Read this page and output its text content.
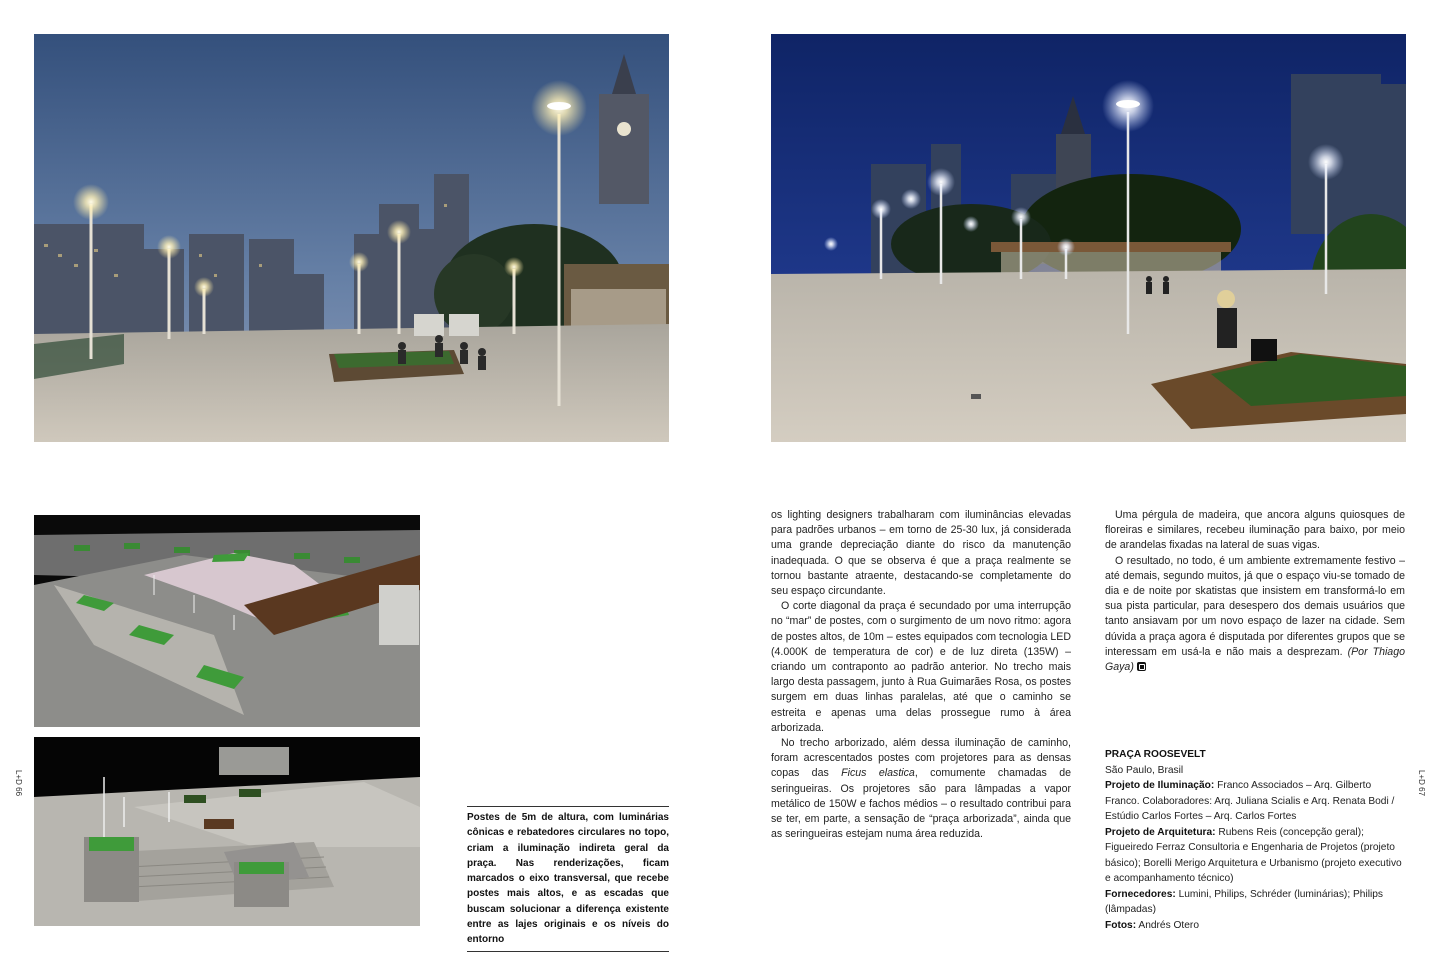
Postes de 5m de altura, com luminárias cônicas e rebatedores circulares no topo, criam a iluminação indireta geral da praça. Nas renderizações, ficam marcados o eixo transversal, que recebe postes mais altos, e as escadas que buscam solucionar a diferença existente entre as lajes originais e os níveis do entorno
L+D 66
L+D 67

os lighting designers trabalharam com iluminâncias elevadas para padrões urbanos – em torno de 25-30 lux, já considerada uma grande depreciação diante do risco da manutenção inadequada. O que se observa é que a praça realmente se tornou bastante atraente, destacando-se completamente do seu espaço circundante.

O corte diagonal da praça é secundado por uma interrupção no “mar” de postes, com o surgimento de um novo ritmo: agora de postes altos, de 10m – estes equipados com tecnologia LED (4.000K de temperatura de cor) e de luz direta (135W) – criando um contraponto ao padrão anterior. No trecho mais largo desta passagem, junto à Rua Guimarães Rosa, os postes surgem em duas linhas paralelas, até que o caminho se estreita e apenas uma delas prossegue rumo à área arborizada.

No trecho arborizado, além dessa iluminação de caminho, foram acrescentados postes com projetores para as densas copas das Ficus elastica, comumente chamadas de seringueiras. Os projetores são para lâmpadas a vapor metálico de 150W e fachos médios – o resultado contribui para se ter, em parte, a sensação de “praça arborizada”, ainda que as seringueiras estejam numa área reduzida.

Uma pérgula de madeira, que ancora alguns quiosques de floreiras e similares, recebeu iluminação para baixo, por meio de arandelas fixadas na lateral de suas vigas.

O resultado, no todo, é um ambiente extremamente festivo – até demais, segundo muitos, já que o espaço viu-se tomado de dia e de noite por skatistas que insistem em transformá-lo em sua pista particular, para desespero dos demais usuários que tanto ansiavam por um novo espaço de lazer na cidade. Sem dúvida a praça agora é disputada por diferentes grupos que se interessam em usá-la e não mais a desprezam. (Por Thiago Gaya)

PRAÇA ROOSEVELT
São Paulo, Brasil
Projeto de Iluminação: Franco Associados – Arq. Gilberto Franco. Colaboradores: Arq. Juliana Scialis e Arq. Renata Bodi / Estúdio Carlos Fortes – Arq. Carlos Fortes
Projeto de Arquitetura: Rubens Reis (concepção geral); Figueiredo Ferraz Consultoria e Engenharia de Projetos (projeto básico); Borelli Merigo Arquitetura e Urbanismo (projeto executivo e acompanhamento técnico)
Fornecedores: Lumini, Philips, Schréder (luminárias); Philips (lâmpadas)
Fotos: Andrés Otero
